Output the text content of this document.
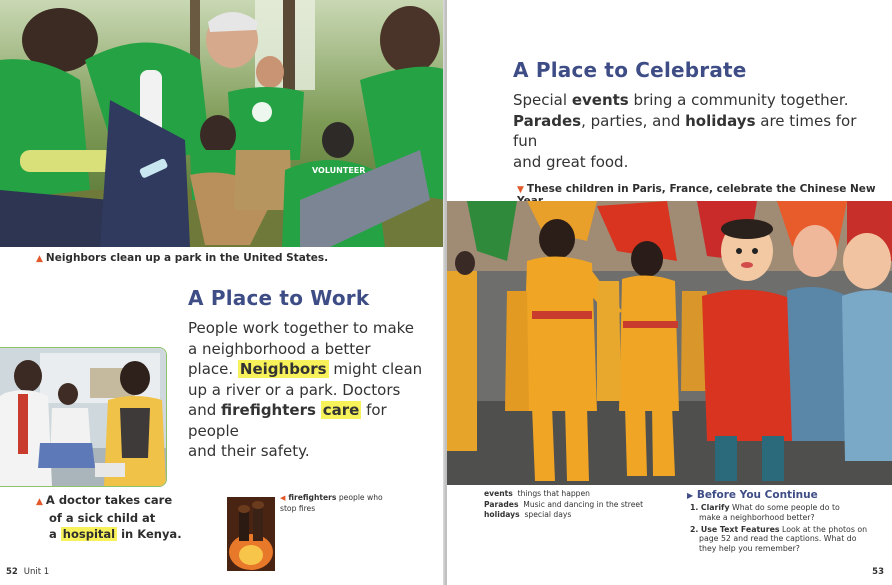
VOLUNTEER
▲ Neighbors clean up a park in the United States.
A Place to Work
People work together to make
a neighborhood a better
place. Neighbors might clean
up a river or a park. Doctors
and firefighters care for people
and their safety.
▲ A doctor takes care
of a sick child at
a hospital in Kenya.
◀ firefighters people who stop fires
52 Unit 1
A Place to Celebrate
Special events bring a community together.
Parades, parties, and holidays are times for fun
and great food.
▼ These children in Paris, France, celebrate the Chinese New
events things that happen
Parades Music and dancing in the street
holidays special days
▶ Before You Continue
1. Clarify What do some people do to
make a neighborhood better?
2. Use Text Features Look at the photos on
page 52 and read the captions. What do
they help you remember?
53
